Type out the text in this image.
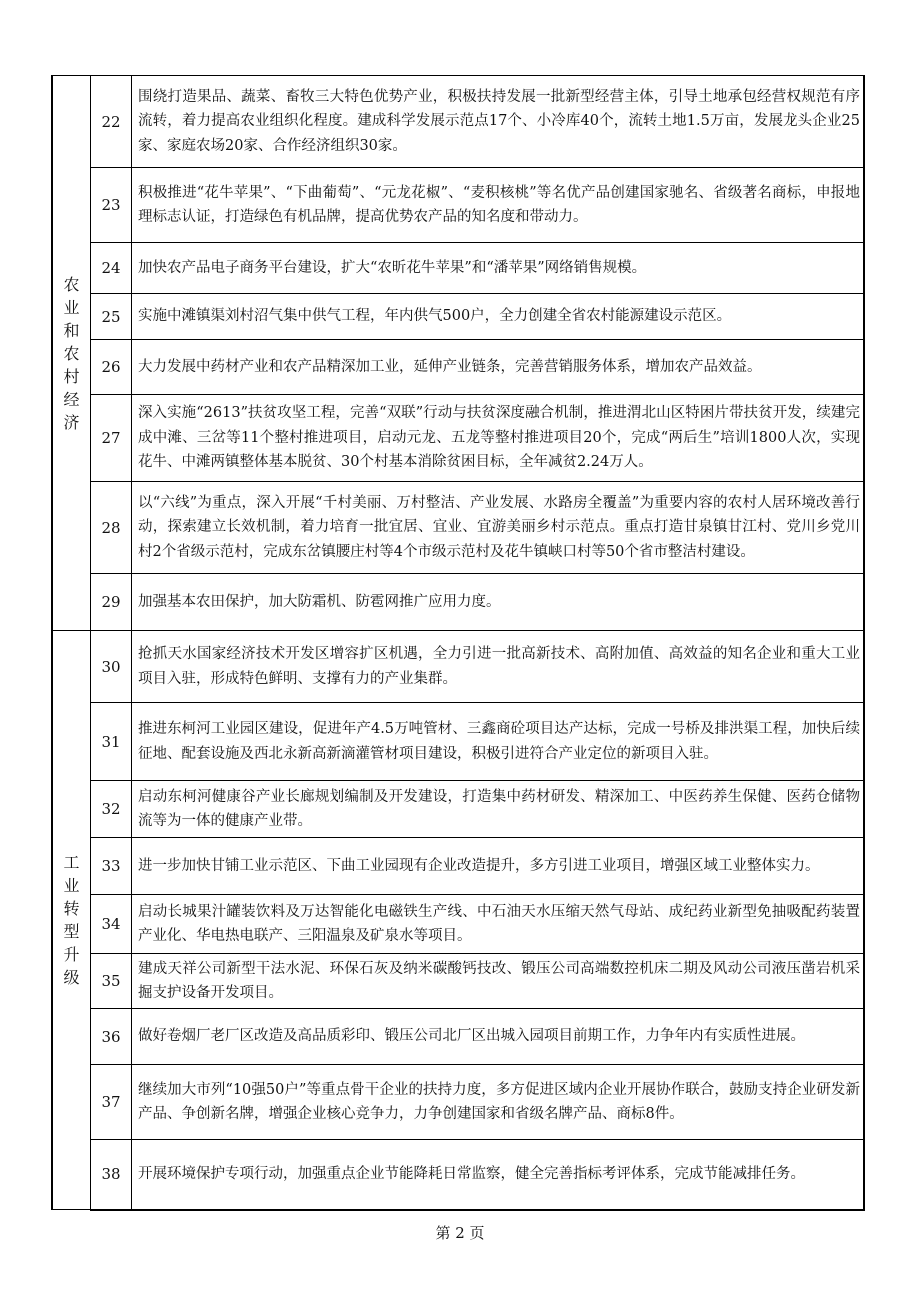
农业和农村经济	22	围绕打造果品、蔬菜、畜牧三大特色优势产业，积极扶持发展一批新型经营主体，引导土地承包经营权规范有序流转，着力提高农业组织化程度。建成科学发展示范点17个、小冷库40个，流转土地1.5万亩，发展龙头企业25家、家庭农场20家、合作经济组织30家。
	23	积极推进“花牛苹果”、“下曲葡萄”、“元龙花椒”、“麦积核桃”等名优产品创建国家驰名、省级著名商标，申报地理标志认证，打造绿色有机品牌，提高优势农产品的知名度和带动力。
	24	加快农产品电子商务平台建设，扩大“农昕花牛苹果”和“潘苹果”网络销售规模。
	25	实施中滩镇渠刘村沼气集中供气工程，年内供气500户，全力创建全省农村能源建设示范区。
	26	大力发展中药材产业和农产品精深加工业，延伸产业链条，完善营销服务体系，增加农产品效益。
	27	深入实施“2613”扶贫攻坚工程，完善“双联”行动与扶贫深度融合机制，推进渭北山区特困片带扶贫开发，续建完成中滩、三岔等11个整村推进项目，启动元龙、五龙等整村推进项目20个，完成“两后生”培训1800人次，实现花牛、中滩两镇整体基本脱贫、30个村基本消除贫困目标，全年减贫2.24万人。
	28	以“六线”为重点，深入开展“千村美丽、万村整洁、产业发展、水路房全覆盖”为重要内容的农村人居环境改善行动，探索建立长效机制，着力培育一批宜居、宜业、宜游美丽乡村示范点。重点打造甘泉镇甘江村、党川乡党川村2个省级示范村，完成东岔镇腰庄村等4个市级示范村及花牛镇峡口村等50个省市整洁村建设。
	29	加强基本农田保护，加大防霜机、防雹网推广应用力度。
工业转型升级	30	抢抓天水国家经济技术开发区增容扩区机遇，全力引进一批高新技术、高附加值、高效益的知名企业和重大工业项目入驻，形成特色鲜明、支撑有力的产业集群。
	31	推进东柯河工业园区建设，促进年产4.5万吨管材、三鑫商砼项目达产达标，完成一号桥及排洪渠工程，加快后续征地、配套设施及西北永新高新滴灌管材项目建设，积极引进符合产业定位的新项目入驻。
	32	启动东柯河健康谷产业长廊规划编制及开发建设，打造集中药材研发、精深加工、中医药养生保健、医药仓储物流等为一体的健康产业带。
	33	进一步加快甘铺工业示范区、下曲工业园现有企业改造提升，多方引进工业项目，增强区域工业整体实力。
	34	启动长城果汁罐装饮料及万达智能化电磁铁生产线、中石油天水压缩天然气母站、成纪药业新型免抽吸配药装置产业化、华电热电联产、三阳温泉及矿泉水等项目。
	35	建成天祥公司新型干法水泥、环保石灰及纳米碳酸钙技改、锻压公司高端数控机床二期及风动公司液压凿岩机采掘支护设备开发项目。
	36	做好卷烟厂老厂区改造及高品质彩印、锻压公司北厂区出城入园项目前期工作，力争年内有实质性进展。
	37	继续加大市列“10强50户”等重点骨干企业的扶持力度，多方促进区域内企业开展协作联合，鼓励支持企业研发新产品、争创新名牌，增强企业核心竞争力，力争创建国家和省级名牌产品、商标8件。
	38	开展环境保护专项行动，加强重点企业节能降耗日常监察，健全完善指标考评体系，完成节能减排任务。
第 2 页
